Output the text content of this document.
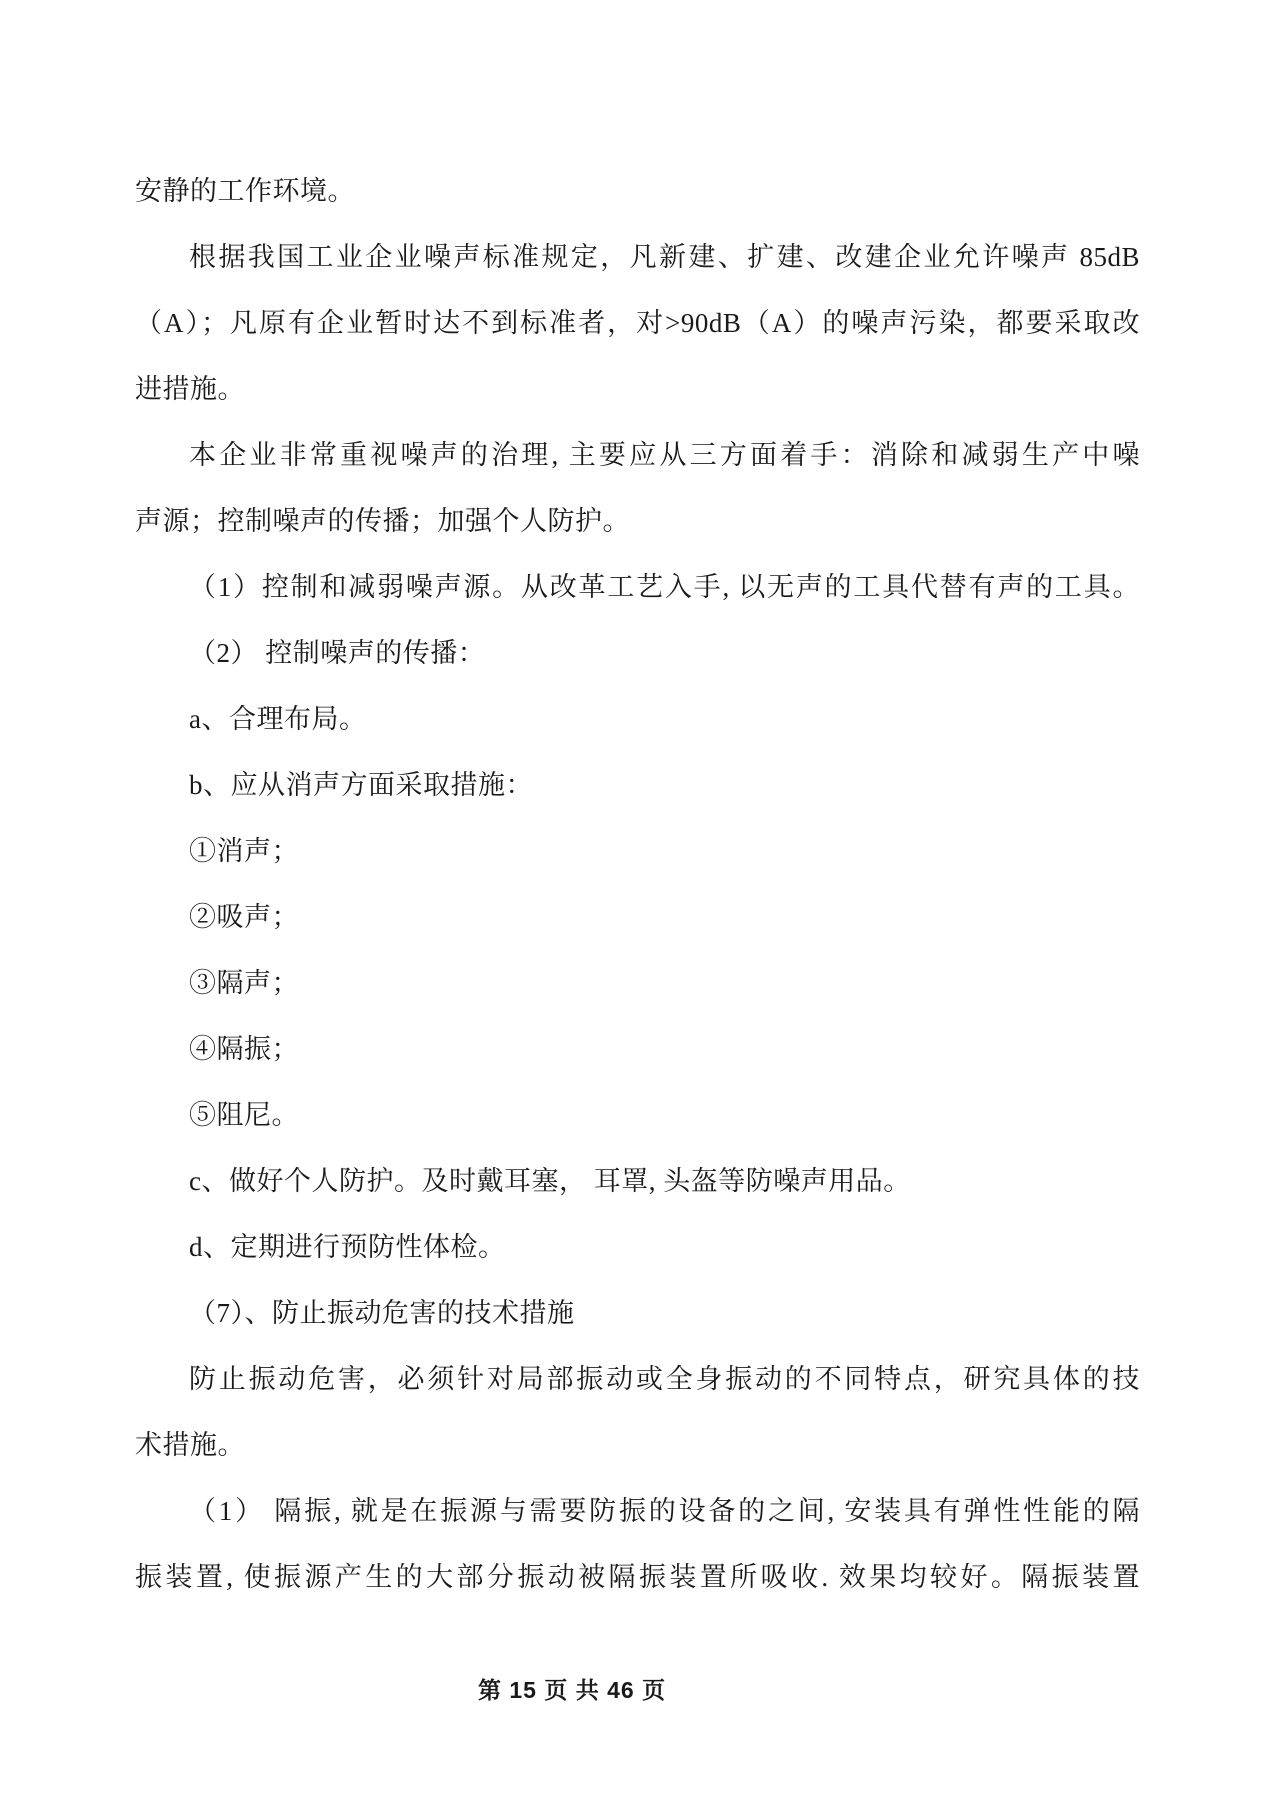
安静的工作环境。
根据我国工业企业噪声标准规定，凡新建、扩建、改建企业允许噪声 85dB
（A）；凡原有企业暂时达不到标准者，对>90dB（A）的噪声污染，都要采取改
进措施。
本企业非常重视噪声的治理, 主要应从三方面着手：消除和减弱生产中噪
声源；控制噪声的传播；加强个人防护。
（1）控制和减弱噪声源。从改革工艺入手, 以无声的工具代替有声的工具。
（2） 控制噪声的传播：
a、合理布局。
b、应从消声方面采取措施：
①消声；
②吸声；
③隔声；
④隔振；
⑤阻尼。
c、做好个人防护。及时戴耳塞， 耳罩, 头盔等防噪声用品。
d、定期进行预防性体检。
（7）、防止振动危害的技术措施
防止振动危害，必须针对局部振动或全身振动的不同特点，研究具体的技
术措施。
（1） 隔振, 就是在振源与需要防振的设备的之间, 安装具有弹性性能的隔
振装置, 使振源产生的大部分振动被隔振装置所吸收. 效果均较好。隔振装置
第 15 页 共 46 页
